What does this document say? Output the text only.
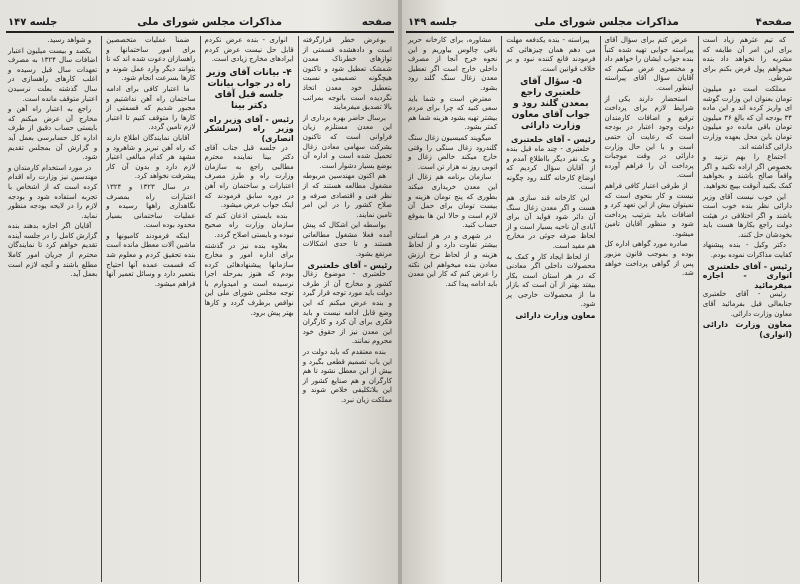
صفحه
مذاکرات مجلس شورای ملی
جلسه ۱۴۷

بوعرض خطر قرارگرفته است و دادهشده قسمتی از توازهای خطرناک معدن شمشک تعطیل شود و تاکنون هیچگونه تصمیمی نسبت بتعطیل خود معدن اتخاذ نگردیده است باتوجه بمراتب بالا تصدیق میفرمایند

برسال حاضر بهره برداری از این معدن مستلزم زیان فراوانی است که تاکنون بشرکت سهامی معادن زغال تحمیل شده است و اداره آن بوضع بسیار دشوار است.

هم اکنون مهندسین مربوطه مشغول مطالعه هستند که از نظر فنی و اقتصادی صرفه و صلاح کشور را در این امر تامین نمایند.

بواسطه این اشکال که پیش آمده فعلا مشغول مطالعاتی هستند و تا حدی اشکالات مرتفع بشود.

رئیس - آقای خلعتبری

خلعتبری - موضوع زغال کشور و مخارج آن از طرف دولت باید مورد توجه قرار گیرد و بنده عرض میکنم که این وضع قابل ادامه نیست و باید فکری برای آن کرد و کارگران این معدن نیز از حقوق خود محروم نمانند.

بنده معتقدم که باید دولت در این باب تصمیم قطعی بگیرد و بیش از این معطل نشود تا هم کارگران و هم صنایع کشور از این بلاتکلیفی خلاص شوند و مملکت زیان نبرد.

انواری - بنده عرض نکردم قابل حل نیست عرض کردم ایرادهای مخارج زیادی است.

۴- بیانات آقای وزیر راه در جواب بیانات جلسه قبل آقای دکتر بینا
رئیس - آقای وزیر راه
وزیر راه (سرلشکر انصاری)

در جلسه قبل جناب آقای دکتر بینا نماینده محترم مطالبی راجع به سازمان وزارت راه و طرز مصرف اعتبارات و ساختمان راه آهن در دوره سابق فرمودند که اینک جواب عرض میشود.

بنده بایستی اذعان کنم که سازمان وزارت راه صحیح نبوده و بایستی اصلاح گردد.

بعلاوه بنده نیز در گذشته برای اداره امور و مخارج سازمانها پیشنهادهائی کرده بودم که هنوز بمرحله اجرا نرسیده است و امیدوارم با توجه مجلس شورای ملی این نواقص برطرف گردد و کارها بهتر پیش برود.

ضمناً عملیات متخصصین برای امور ساختمانها و راهسازان دعوت شده اند که تا بتوانند دیگر وارد عمل شوند و کارها بسرعت انجام شود.

ما اعتبار کافی برای ادامه ساختمان راه آهن نداشتیم و مجبور شدیم که قسمتی از کارها را متوقف کنیم تا اعتبار لازم تامین گردد.

آقایان نمایندگان اطلاع دارند که راه آهن تبریز و شاهرود و مشهد هر کدام مبالغی اعتبار لازم دارد و بدون آن کار پیشرفت نخواهد کرد.

در سال ۱۳۲۳ و ۱۳۲۴ اعتبارات راه بمصرف نگاهداری راهها رسیده و عملیات ساختمانی بسیار محدود بوده است.

اینکه فرمودند کامیونها و ماشین آلات معطل مانده است بنده تحقیق کردم و معلوم شد که قسمت عمده آنها احتیاج بتعمیر دارد و وسائل تعمیر آنها فراهم میشود.

و شواهد رسید.

یکصد و بیست میلیون اعتبار اضافات سال ۱۳۲۴ به مصرف تعهدات سال قبل رسیده و اغلب کارهای راهسازی در سال گذشته بعلت نرسیدن اعتبار متوقف مانده است.

راجع به اعتبار راه آهن و مخارج آن عرض میکنم که بایستی حساب دقیق از طرف اداره کل حسابرسی بعمل آید و گزارش آن بمجلس تقدیم شود.

در مورد استخدام کارمندان و مهندسین نیز وزارت راه اقدام کرده است که از اشخاص با تجربه استفاده شود و بودجه لازم را در لایحه بودجه منظور نماید.

آقایان اگر اجازه بدهند بنده گزارش کامل را در جلسه آینده تقدیم خواهم کرد تا نمایندگان محترم از جریان امور کاملا مطلع باشند و آنچه لازم است بعمل آید.

صفحه۴
مذاکرات مجلس شورای ملی
جلسه ۱۴۹

که تیم عثرهم زیاد است برای این امر آن طایفه که مشریه را نخواهد داد بنده میخواهم پول قرض بکنم برای شرطی.

مملکت است دو میلیون تومان بعنوان این وزارت گوشه ای واریز کرده اند و این ماده ۳۴ بودجه آن که بالغ ۳۶ میلیون تومان باقی مانده دو میلیون تومان باین محل بعهده وزارت دارائی گذاشته اند.

اجتماع را بهم نزنید و بخصوص اگر اراده تکنید و اگر واقعاً صالح باشند و بخواهید کمک بکنید آنوقت بپیچ نخواهید.

این خوب نیست آقای وزیر دارائی نظر بنده خوب است باشند و اگر اختلافی در هیئت دولت راجع بکارها هست باید بخودشان حل کنند.

دکتر وکیل - بنده پیشنهاد کفایت مذاکرات نموده بودم.

رئیس - آقای خلعتبری
انواری - اجازه میفرمائید

رئیس - آقای خلعتبری جنابعالی قبل بفرمائید آقای معاون وزارت دارائی.

معاون وزارت دارائی (انواری)

عرض کنم برای سؤال آقای پیراسته جوابی تهیه شده کتباً بنده جواب ایشان را خواهم داد و مختصری عرض میکنم که آقایان سؤال آقای پیراسته اینطور است.

استحضار دارند یکی از شرایط لازم برای پرداخت ترفیع و اضافات کارمندان دولت وجود اعتبار در بودجه است که رعایت آن حتمی است و با این حال وزارت دارائی در وقت موجبات پرداخت آن را فراهم آورده است.

از طرفی اعتبار کافی فراهم نیست و کار بنحوی است که نمیتوان بیش از این تعهد کرد و اضافات باید بترتیب پرداخت شود و منظور آقایان تامین میشود.

صادره مورد گواهی اداره کل بوده و بموجب قانون مزبور پس از گواهی پرداخت خواهد شد.

پیراسته - بنده یکدفعه مهلت می دهم همان چیزهائی که فرمودند قانع کننده نبود و بر خلاف قوانین است.

۵- سؤال آقای خلعتبری راجع بمعدن گلند رود و جواب آقای معاون وزارت دارائی
رئیس - آقای خلعتبری

خلعتبری - چند ماه قبل بنده و یک نفر دیگر بااطلاع آمدم و از آقایان سؤال کردیم که اوضاع کارخانه گلند رود چگونه است.

این کارخانه قند سازی هم هست و اگر معدن زغال سنگ آن دائر شود فواید آن برای آبادی آن ناحیه بسیار است و از لحاظ صرفه جوئی در مخارج هم مفید است.

از لحاظ ایجاد کار و کمک به محصولات داخلی اگر معادنی که در هر استان است بکار بیفتد بهتر از آن است که بازار ما از محصولات خارجی پر شود.

معاون وزارت دارائی

مشاوره، برای کارخانه حریر باقی چالوس بیاوریم و این نحوه خرج آنجا از مصرف داخلی خارج است اگر تعطیل معدن زغال سنگ گلند رود بشود.

معترض است و شما باید سعی کنید که چرا برای مردم بیشتر تهیه بشود هزینه شما هم کمتر بشود.

میگویند کمیسیون زغال سنگ گلندرود زغال سنگی را وقتی خارج میکند خالص زغال و اتوبی روز نه هزار تن است.

سازمان برنامه هم زغال از این معدن خریداری میکند بطوری که پنج تومان هزینه و بیست تومان برای حمل آن لازم است و حالا این ها بموقع حساب کنید.

در شهری و در هر استانی بیشتر تفاوت دارد و از لحاظ هزینه و از لحاظ نرخ ارزش معادن بنده میخواهم این نکته را عرض کنم که کار این معدن باید ادامه پیدا کند.
